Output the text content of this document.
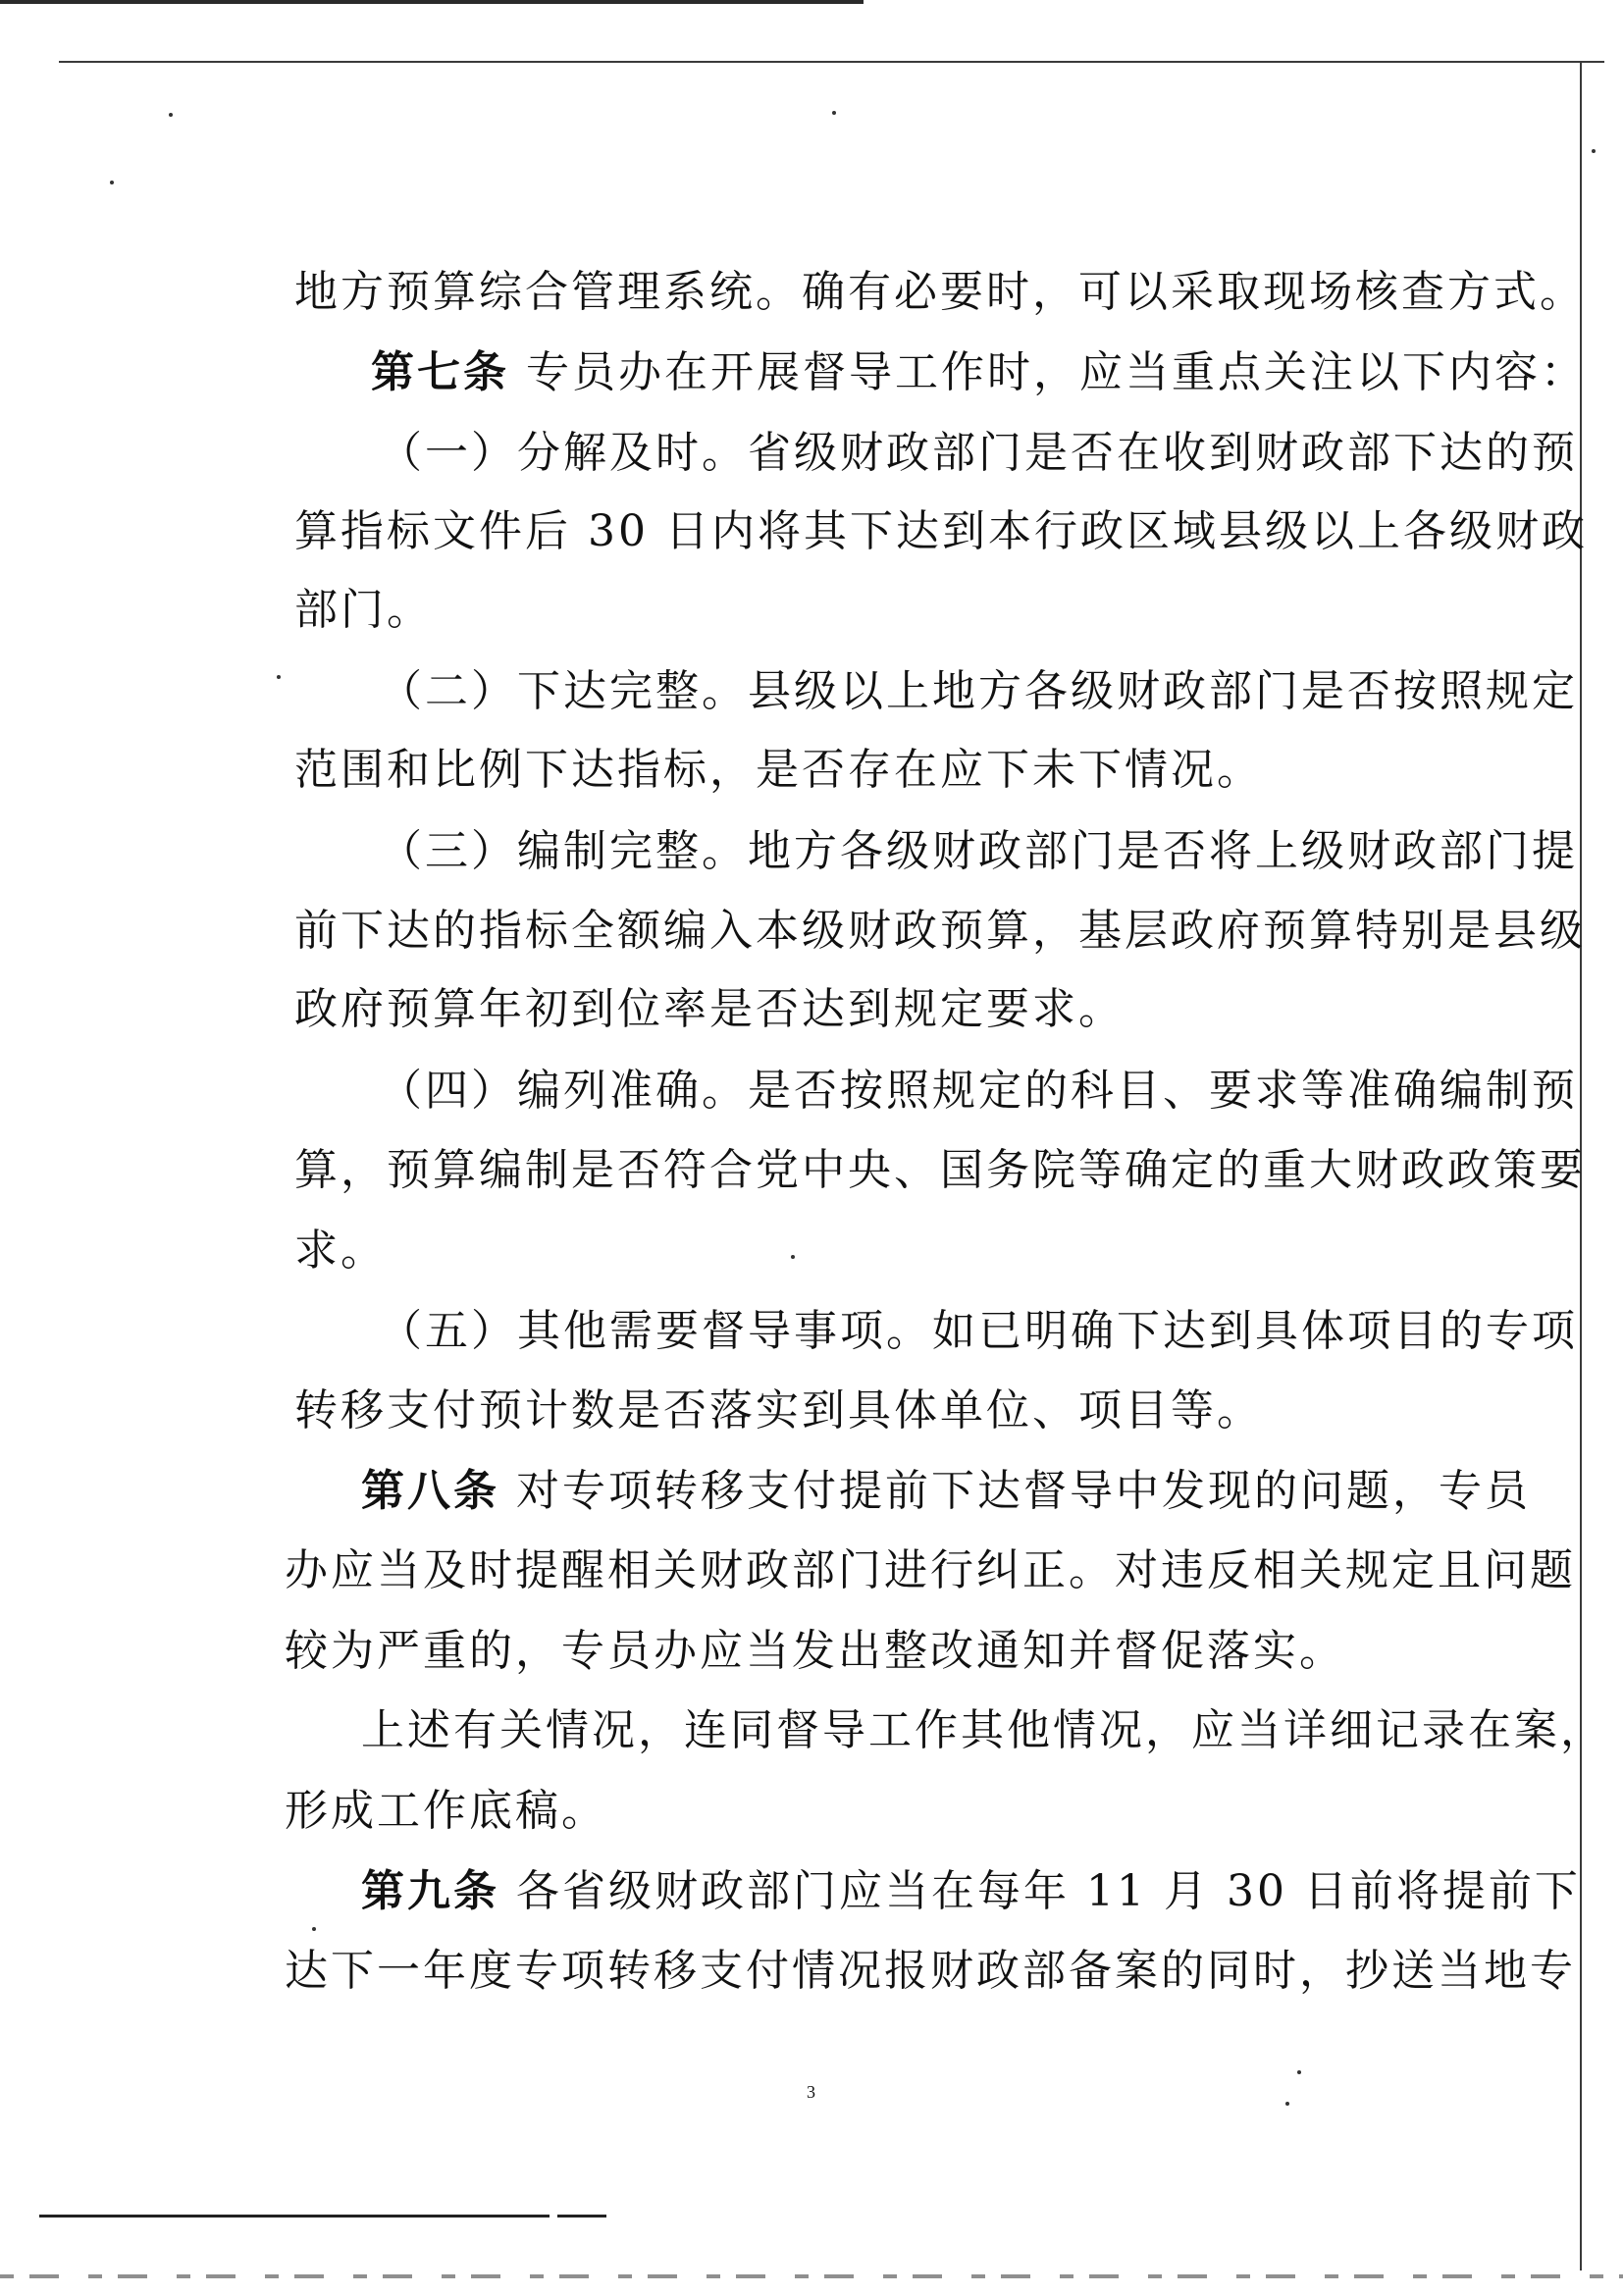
地方预算综合管理系统。确有必要时，可以采取现场核查方式。
第七条 专员办在开展督导工作时，应当重点关注以下内容：
（一）分解及时。省级财政部门是否在收到财政部下达的预
算指标文件后 30 日内将其下达到本行政区域县级以上各级财政
部门。
（二）下达完整。县级以上地方各级财政部门是否按照规定
范围和比例下达指标，是否存在应下未下情况。
（三）编制完整。地方各级财政部门是否将上级财政部门提
前下达的指标全额编入本级财政预算，基层政府预算特别是县级
政府预算年初到位率是否达到规定要求。
（四）编列准确。是否按照规定的科目、要求等准确编制预
算，预算编制是否符合党中央、国务院等确定的重大财政政策要
求。
（五）其他需要督导事项。如已明确下达到具体项目的专项
转移支付预计数是否落实到具体单位、项目等。
第八条 对专项转移支付提前下达督导中发现的问题，专员
办应当及时提醒相关财政部门进行纠正。对违反相关规定且问题
较为严重的，专员办应当发出整改通知并督促落实。
上述有关情况，连同督导工作其他情况，应当详细记录在案，
形成工作底稿。
第九条 各省级财政部门应当在每年 11 月 30 日前将提前下
达下一年度专项转移支付情况报财政部备案的同时，抄送当地专
3
